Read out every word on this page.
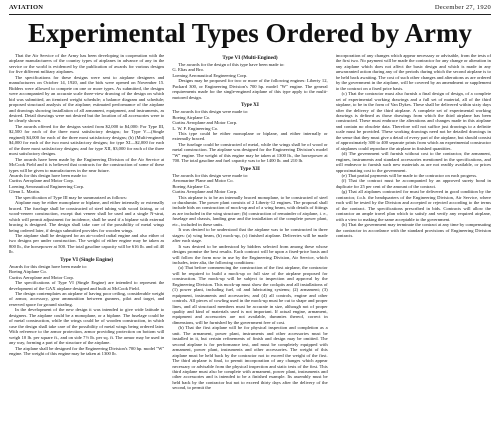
AVIATION	December 27, 1920
Experimental Types Ordered by Army

That the Air Service of the Army has been developing in cooperation with the airplane manufacturers of the country types of airplanes in advance of any in the service or the world is evidenced by the publication of awards for various designs for five different military airplanes.

The specifications for these designs were sent to airplane designers and manufacturers on October 14, 1920, and the bids were opened on November 15. Bidders were allowed to compete on one or more types. As submitted, the designs were accompanied by an accurate scale three-view drawing of the design on which bid was submitted, an itemized weight schedule; a balance diagram and schedule; proposed structural analysis of the airplane; estimated performance of the airplane and drawings showing installation of all armament, equipment, and instruments, as desired. Detail drawings were not desired but the location of all accessories were to be clearly shown.

The awards offered for the designs varied from $2,000 to $4,000: For Type III, $2,500 for each of the three most satisfactory designs; for Type V—(Single engined) $4,000 for each of the three most satisfactory designs; (b) (Multi-engined) $4,000 for each of the two most satisfactory designs; for type XI—$2,000 for each of the three most satisfactory designs; and for type XII, $3,000 for each of the three most satisfactory designs.

The awards have been made by the Engineering Division of the Air Service at McCook Field and it is believed that contracts for the construction of some of these types will be given to manufacturers in the near future.

Awards for this design have been made to:

Curtiss Aeroplane and Motor Corp.

Loening Aeronautical Engineering Corp.

Glenn L. Martin.

The specification of Type III may be summarized as follows:

Airplane may be either monoplane or biplane, and either internally or externally braced. The fuselage shall be constructed of steel tubing with wood fairing, or of wood-veneer construction, except that veneer shall be used and a single N-strut, which will permit adjustment for incidence, shall be used if a biplane with external bracing is designed. The design shall take care of the possibility of metal wings being ordered later, if design submitted provides for wooden wings.

The airplane shall be designed for an air-cooled radial engine and also either of two designs per under construction. The weight of either engine may be taken as 800 lb., the horsepower at 500. The total gasoline capacity will be 616 lb. and oil 40 lb.

Type VI (Single Engine)

Awards for this design have been made to:

Boeing Airplane Co.

Curtiss Aeroplane and Motor Corp.

The specifications of Type VI (Single Engine) are intended to represent the development of the GAX airplane designed and built at McCook Field.

The design contemplates an airplane of having poor ceiling, considerable weight of armor, accessory, gear ammunition between gunners, pilot and target, and reserved space for ground strafing.

In the development of the new design it was intended to give wide latitude to designers. The airplane could be a monoplane, or a biplane. The fuselage could be of metal construction, while the wings could be of wooden construction, in which case the design shall take care of the possibility of metal wings being ordered later. With reference to the armor protection, armor providing protection on bottom will weigh 10 lb. per square ft., and on side 7½ lb. per sq. ft. The armor may be used in any way, forming a part of the structure of the airplane.

The airplane shall be designed for the Engineering Division's 700 hp. model "W" engine. The weight of this engine may be taken at 1300 lb.

Type VI (Multi-Engined)

The awards for the design of this type have been made to:

G. Elias and Bro.

Loening Aeronautical Engineering Corp.

Designs may be proposed for two or more of the following engines: Liberty 12, Packard 300, or Engineering Division's 700 hp. model "W" engine. The general requirements made for the single-engined airplane of this type apply to the multi-motored design.

Type XI

The awards for this design were made to:

Boeing Airplane Co.

Curtiss Aeroplane and Motor Corp.

L. W. F. Engineering Co.

This type could be either monoplane or biplane, and either internally or externally braced.

The fuselage could be constructed of metal, while the wings shall be of wood or metal construction. The airplane was designed for the Engineering Division's model "W" engine. The weight of this engine may be taken at 1300 lb., the horsepower at 700. The total gasoline and fuel capacity was to be 1400 lb. and 210 lb.

Type XII

The awards for this design were made to:

Aeromarine Plane and Motor Co.

Boeing Airplane Co.

Curtiss Aeroplane and Motor Corp.

This airplane is to be an internally braced monoplane, to be constructed of steel or duralumin. The power plant consists of 2 Liberty-12 engines. The proposal shall include bids on construction of mock-up and of a wing beam, with details of fittings as are included in the wing structure; (b) construction of remainder of airplane, i. e., fuselage and chassis, landing gear and the installation of the complete power plant, etc., included in these units.

It was desired to be understood that the airplane was to be constructed in three stages: (a) wing beam, (b) mock-up, (c) finished airplane. Deliveries will be made after each stage.

It was desired to be understood by bidders selected from among these whose designs promise the best results. Each contract will be upon a fixed-price basis and will follow the form now in use by the Engineering Division, Air Service, which includes, inter alia, the following conditions:

(a) That before commencing the construction of the first airplane, the contractor will be required to build a mock-up or full size of the airplane proposed for construction. The mock-up will be subject to inspection and approval by the Engineering Division. This mock-up must show the cockpits and all installations of (1) power plant, including fuel, oil and lubricating systems; (2) armament; (3) equipment, instruments and accessories; and (4) all controls, engine and other controls. All pieces of cowling used in the mock-up must be cut to shape and proper lines, and all structural members must be accurate in size, although not of proper quality and kind of materials used is not important. If actual engine, armament, equipment and accessories are not available, dummies thereof, correct in dimensions, will be furnished by the government free of cost.

(b) That the first airplane will be for physical inspection and completion as a unit. The armament, power plant, instruments and other accessories must be installed in it, but certain refinements of finish and design may be omitted. The second airplane is for performance test, and must be completely equipped with armament, power plant, instruments and other accessories. The weight of this airplane must be held back by the contractor not to exceed the weight of the first. The third airplane is final, to permit incorporation of any changes which appear necessary or advisable from the physical inspection and static tests of the first. This third airplane must also be complete with armament, power plant, instruments and other accessories and is intended to be a finished example. Its assembly must be held back by the contractor but not to exceed thirty days after the delivery of the second, to permit the

incorporation of any changes which appear necessary or advisable, from the tests of the first two. No payment will be made the contractor for any change or alteration in any airplane which does not affect the basic design and which is made in any unwarranted action during any of the periods during which the second airplane is to be held back awaiting. The cost of such other changes and alterations as are ordered by the government in the airplane, will be covered by an amendment or supplement to the contract on a fixed price basis.

(c) That the contractor must also furnish a final design of design, of a complete set of experimental working drawings and a full set of material, all of the third airplane, to be in the form of Van Dykes. These shall be delivered within sixty days after the delivery of the third airplane. A complete set of experimental working drawings is defined as those drawings from which the third airplane has been constructed. These must embrace the alterations and changes made in this airplane and contain no obsolete data. Therefore will not suffice just drawings to a definite scale must be provided. These working drawings need not be detailed drawings in the sense that they must give a detail of every part of the airplane, but should consist of approximately 300 to 400 separate prints from which an experimental constructor of airplanes could reproduce the airplane in finished quantities.

(d) The government will furnish without cost to the contractor, the armament, engines, instruments and standard accessories mentioned in the specifications, and will endeavor to furnish such new materials as are not readily available, or prices approximating cost to the government.

(e) That partial payments will be made to the contractor on each progress.

(f) That the contract must be accompanied by an approved surety bond in duplicate for 25 per cent of the amount of the contract.

(g) That all airplanes contracted for must be delivered in good condition by the contractor, f.o.b. the headquarters of the Engineering Division, Air Service, where each will be tested by the Division and accepted or rejected according to the terms of the contract. The specifications prescribed in bids. Contracts will allow the contractor an ample travel plan which to satisfy and verify any required airplane, with a view to making the same acceptable to the government.

(h) That the government may terminate the contract at any time by compensating the contractor in accordance with the standard provisions of Engineering Division contracts.
